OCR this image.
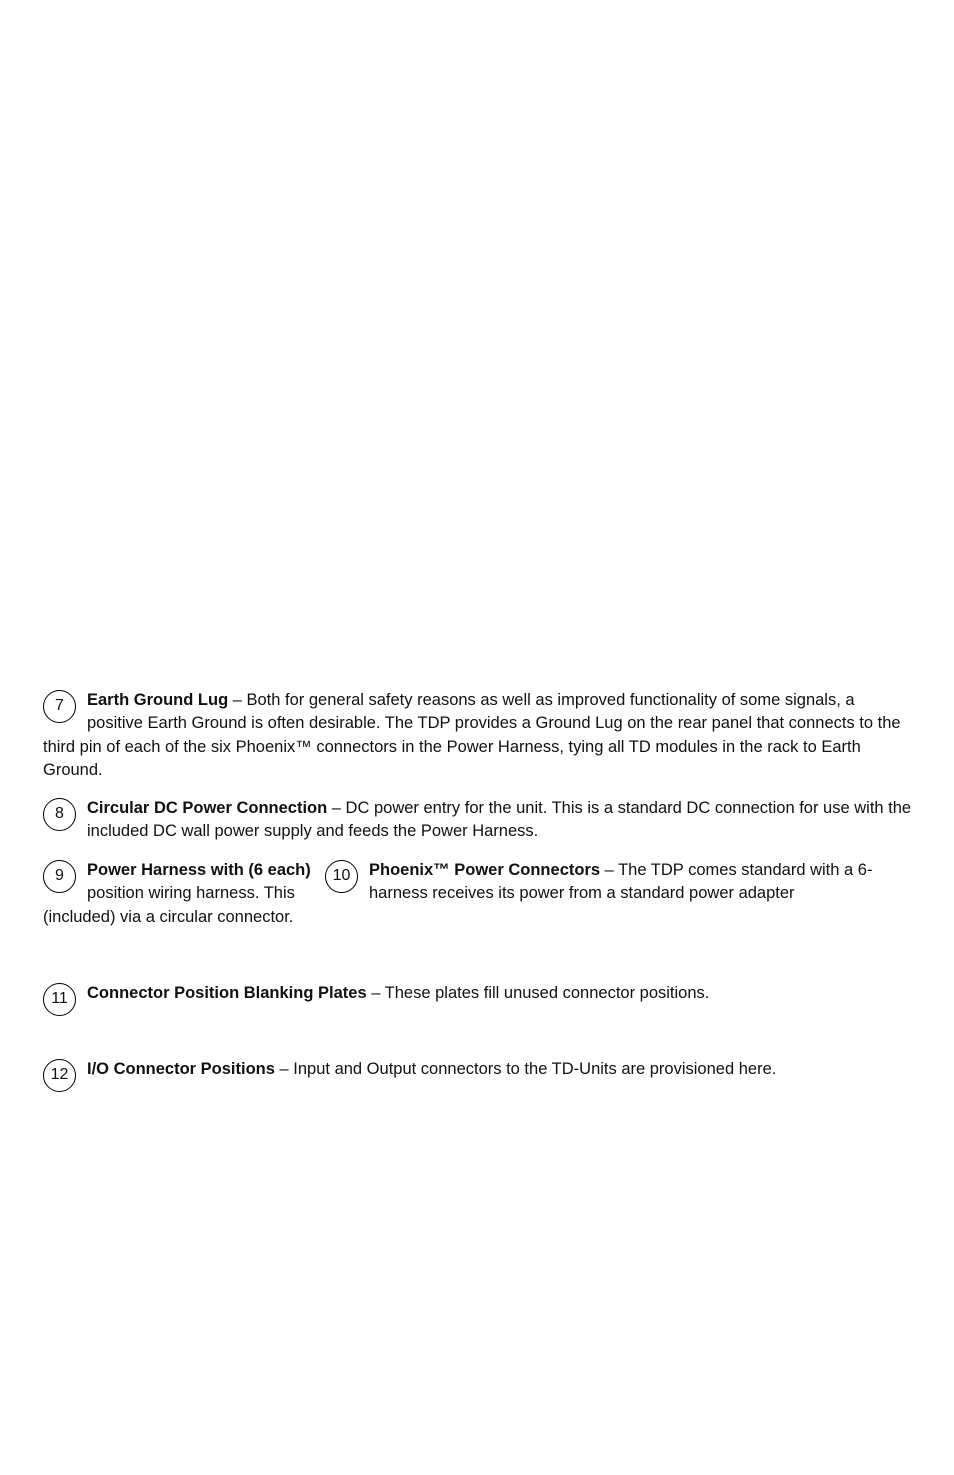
7	Earth Ground Lug – Both for general safety reasons as well as improved functionality of some signals, a positive Earth Ground is often desirable. The TDP provides a Ground Lug on the rear panel that connects to the third pin of each of the six Phoenix™ connectors in the Power Harness, tying all TD modules in the rack to Earth Ground.

8	Circular DC Power Connection – DC power entry for the unit. This is a standard DC connection for use with the included DC wall power supply and feeds the Power Harness.

9	Power Harness with (6 each) position wiring harness. This (included) via a circular connector.

10	Phoenix™ Power Connectors – The TDP comes standard with a 6-harness receives its power from a standard power adapter

11	Connector Position Blanking Plates – These plates fill unused connector positions.

12	I/O Connector Positions – Input and Output connectors to the TD-Units are provisioned here.
